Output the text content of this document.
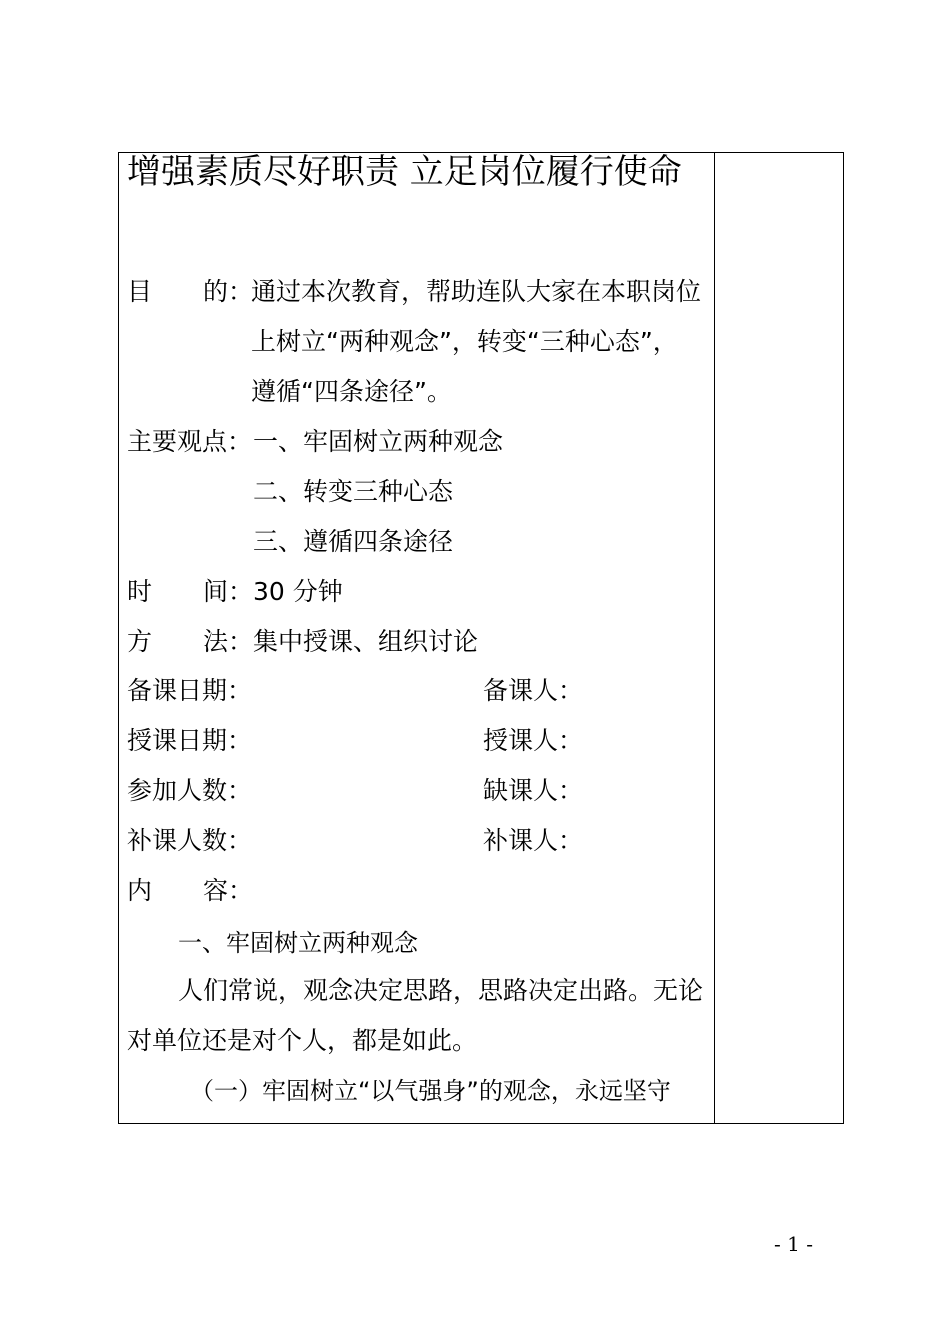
增强素质尽好职责 立足岗位履行使命
目 的 ：
通过本次教育，帮助连队大家在本职岗位
上树立“两种观念”，转变“三种心态”，
遵循“四条途径”。
主要观点： 一、牢固树立两种观念
二、转变三种心态
三、遵循四条途径
时 间 ： 30 分钟
方 法 ： 集中授课、组织讨论
备课日期：	备课人：
授课日期：	授课人：
参加人数：	缺课人：
补课人数：	补课人：
内 容 ：
一、牢固树立两种观念
人们常说，观念决定思路，思路决定出路。无论
对单位还是对个人，都是如此。
（一）牢固树立“以气强身”的观念，永远坚守
- 1 -
